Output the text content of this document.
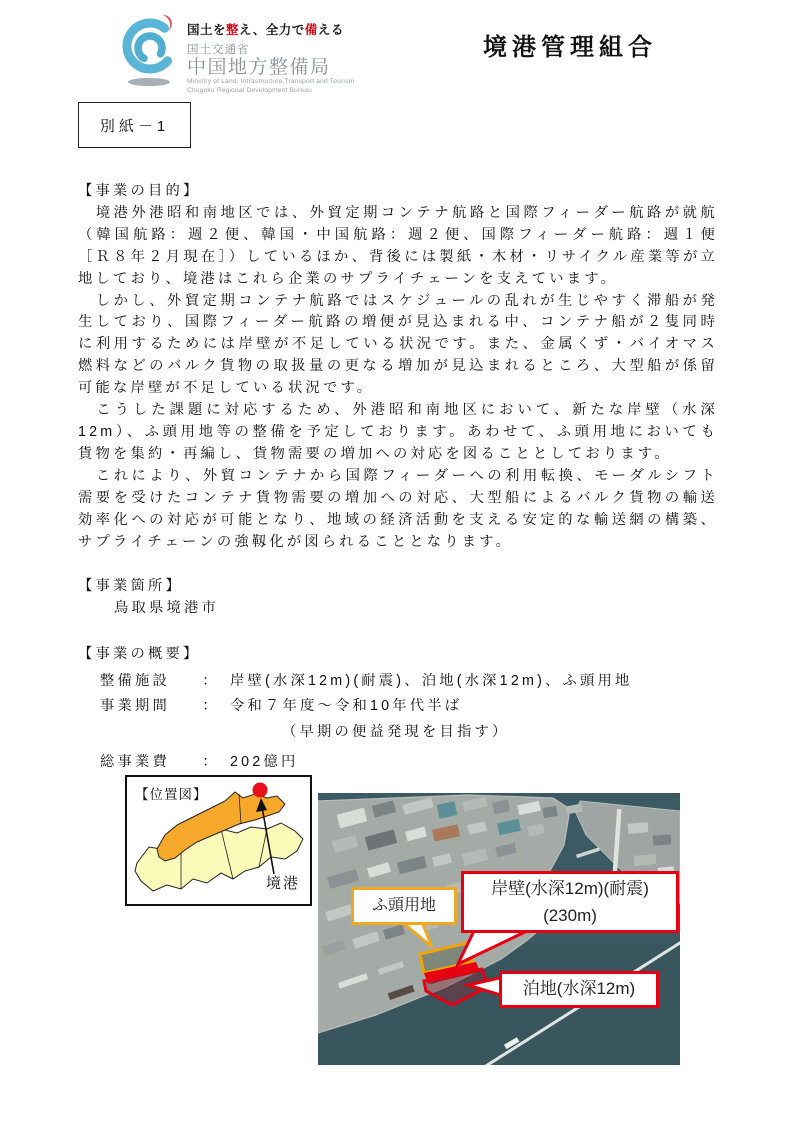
国土を整え、全力で備える
国土交通省
中国地方整備局
Ministry of Land, Infrastructure,Transport and Tourism
Chugoku Regional Development Bureau
境港管理組合
別紙－1
【事業の目的】

　境港外港昭和南地区では、外貿定期コンテナ航路と国際フィーダー航路が就航（韓国航路：週２便、韓国・中国航路：週２便、国際フィーダー航路：週１便［Ｒ８年２月現在］）しているほか、背後には製紙・木材・リサイクル産業等が立地しており、境港はこれら企業のサプライチェーンを支えています。

　しかし、外貿定期コンテナ航路ではスケジュールの乱れが生じやすく滞船が発生しており、国際フィーダー航路の増便が見込まれる中、コンテナ船が２隻同時に利用するためには岸壁が不足している状況です。また、金属くず・バイオマス燃料などのバルク貨物の取扱量の更なる増加が見込まれるところ、大型船が係留可能な岸壁が不足している状況です。

　こうした課題に対応するため、外港昭和南地区において、新たな岸壁（水深12m）、ふ頭用地等の整備を予定しております。あわせて、ふ頭用地においても貨物を集約・再編し、貨物需要の増加への対応を図ることとしております。

　これにより、外貿コンテナから国際フィーダーへの利用転換、モーダルシフト需要を受けたコンテナ貨物需要の増加への対応、大型船によるバルク貨物の輸送効率化への対応が可能となり、地域の経済活動を支える安定的な輸送網の構築、サプライチェーンの強靱化が図られることとなります。

【事業箇所】
鳥取県境港市
【事業の概要】
整備施設	： 岸壁(水深12m)(耐震)、泊地(水深12m)、ふ頭用地
事業期間	： 令和７年度～令和10年代半ば
（早期の便益発現を目指す）
総事業費	： 202億円
ふ頭用地
岸壁(水深12m)(耐震)
(230m)
泊地(水深12m)
【位置図】
境港
